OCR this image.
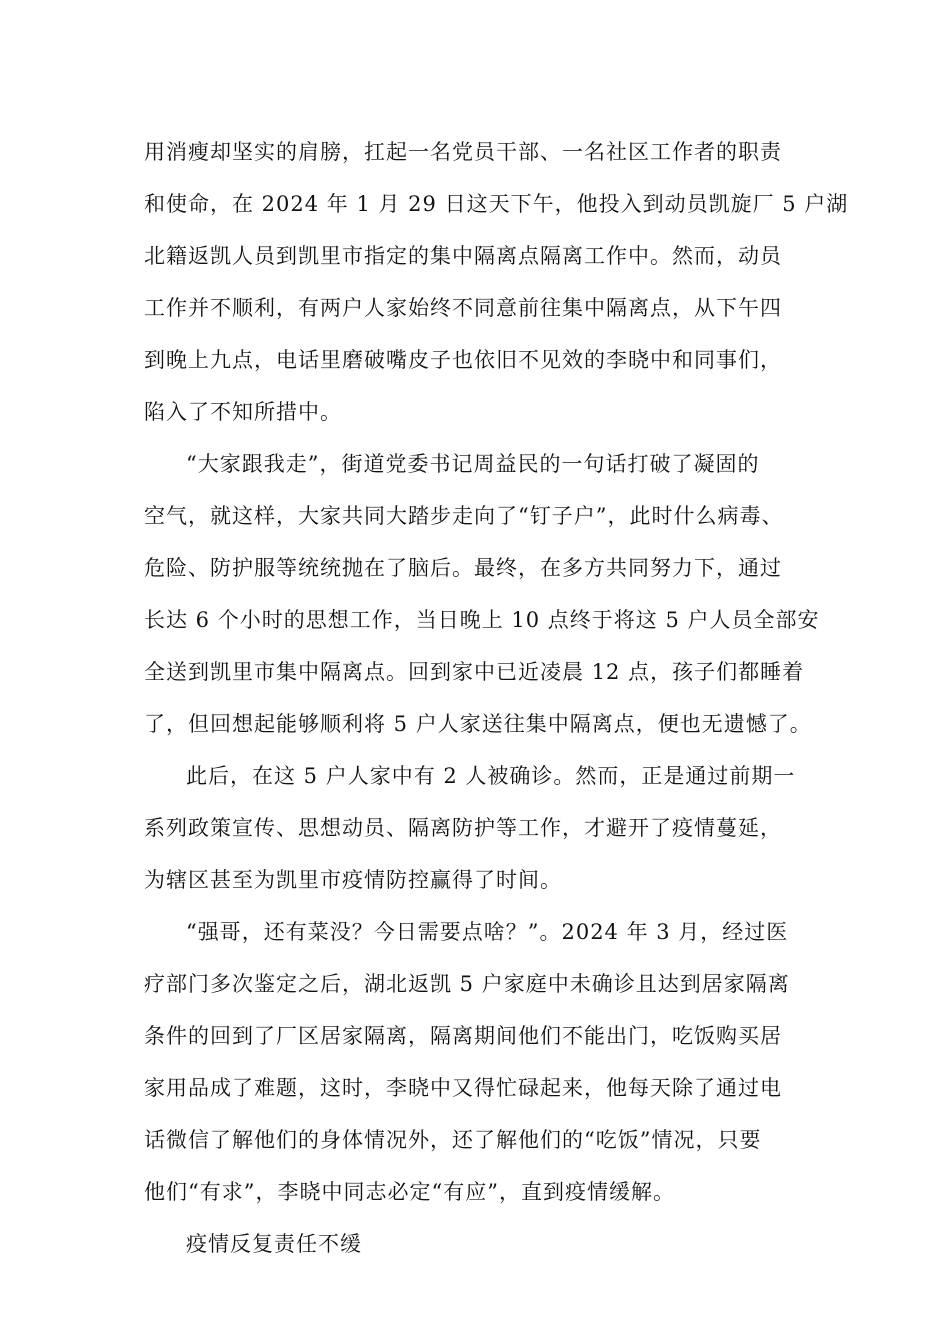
用消瘦却坚实的肩膀，扛起一名党员干部、一名社区工作者的职责
和使命，在 2024 年 1 月 29 日这天下午，他投入到动员凯旋厂 5 户湖
北籍返凯人员到凯里市指定的集中隔离点隔离工作中。然而，动员
工作并不顺利，有两户人家始终不同意前往集中隔离点，从下午四
到晚上九点，电话里磨破嘴皮子也依旧不见效的李晓中和同事们，
陷入了不知所措中。
“大家跟我走”，街道党委书记周益民的一句话打破了凝固的
空气，就这样，大家共同大踏步走向了“钉子户”，此时什么病毒、
危险、防护服等统统抛在了脑后。最终，在多方共同努力下，通过
长达 6 个小时的思想工作，当日晚上 10 点终于将这 5 户人员全部安
全送到凯里市集中隔离点。回到家中已近凌晨 12 点，孩子们都睡着
了，但回想起能够顺利将 5 户人家送往集中隔离点，便也无遗憾了。
此后，在这 5 户人家中有 2 人被确诊。然而，正是通过前期一
系列政策宣传、思想动员、隔离防护等工作，才避开了疫情蔓延，
为辖区甚至为凯里市疫情防控赢得了时间。
“强哥，还有菜没？今日需要点啥？”。2024 年 3 月，经过医
疗部门多次鉴定之后，湖北返凯 5 户家庭中未确诊且达到居家隔离
条件的回到了厂区居家隔离，隔离期间他们不能出门，吃饭购买居
家用品成了难题，这时，李晓中又得忙碌起来，他每天除了通过电
话微信了解他们的身体情况外，还了解他们的“吃饭”情况，只要
他们“有求”，李晓中同志必定“有应”，直到疫情缓解。
疫情反复责任不缓
